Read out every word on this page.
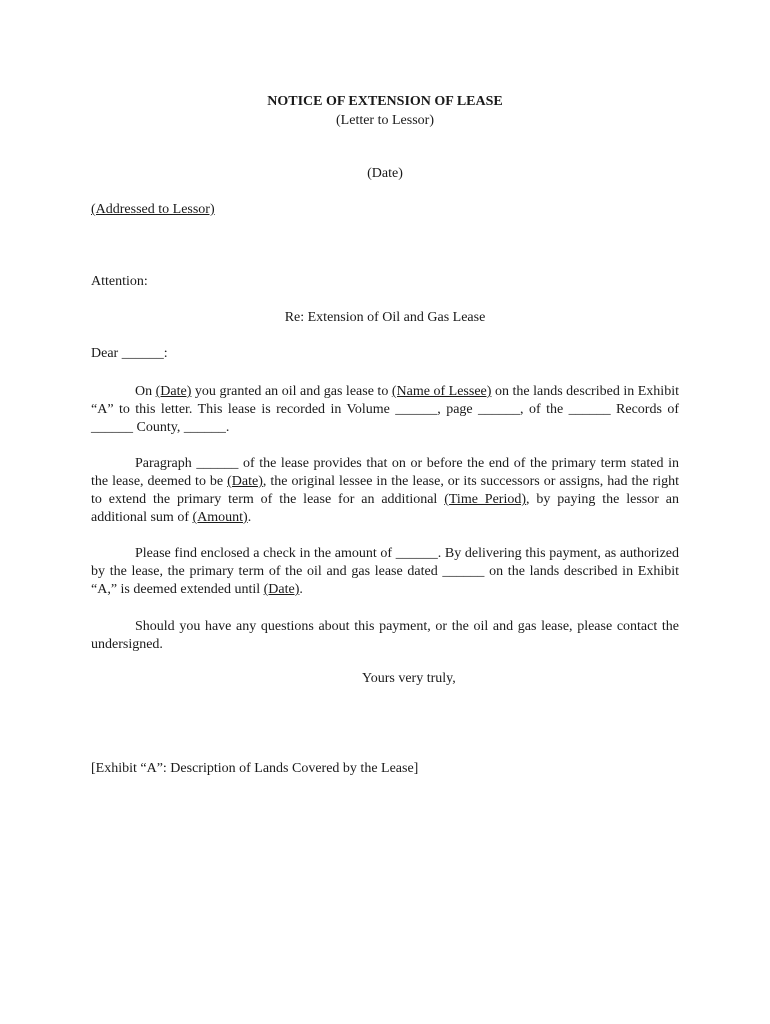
NOTICE OF EXTENSION OF LEASE
(Letter to Lessor)
(Date)
(Addressed to Lessor)
Attention:
Re: Extension of Oil and Gas Lease
Dear ______:
On (Date) you granted an oil and gas lease to (Name of Lessee) on the lands described in Exhibit “A” to this letter. This lease is recorded in Volume ______, page ______, of the ______ Records of ______ County, ______.
Paragraph ______ of the lease provides that on or before the end of the primary term stated in the lease, deemed to be (Date), the original lessee in the lease, or its successors or assigns, had the right to extend the primary term of the lease for an additional (Time Period), by paying the lessor an additional sum of (Amount).
Please find enclosed a check in the amount of ______. By delivering this payment, as authorized by the lease, the primary term of the oil and gas lease dated ______ on the lands described in Exhibit “A,” is deemed extended until (Date).
Should you have any questions about this payment, or the oil and gas lease, please contact the undersigned.
Yours very truly,
[Exhibit “A”: Description of Lands Covered by the Lease]
